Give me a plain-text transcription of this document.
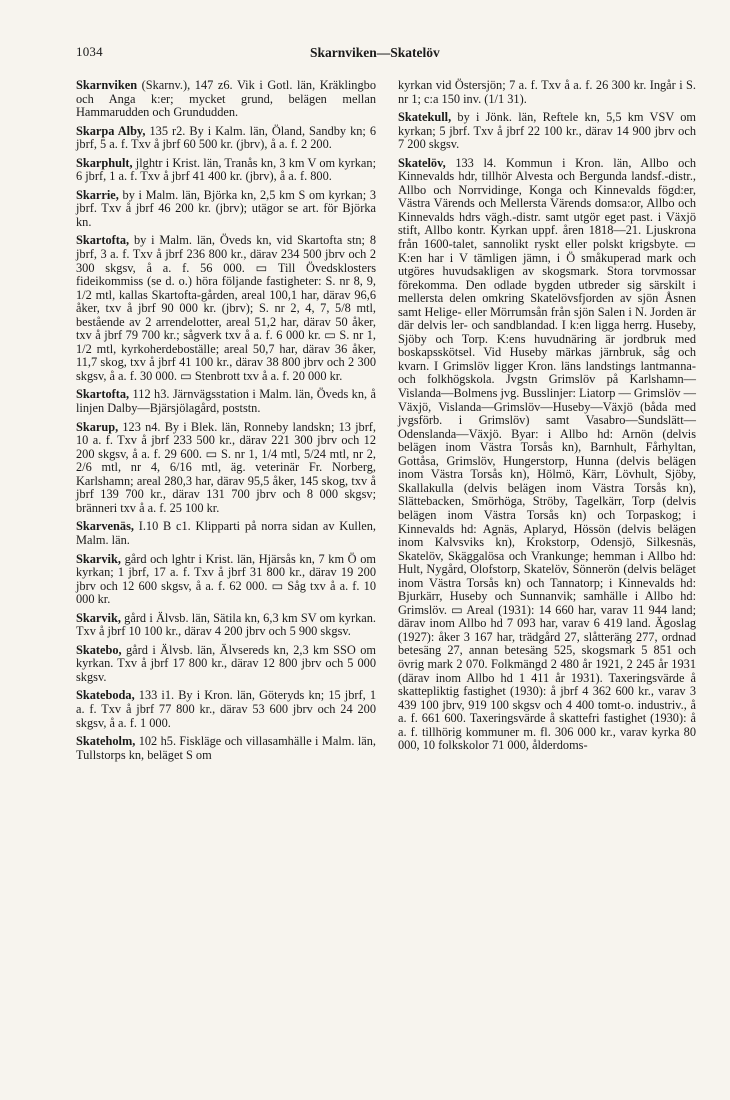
1034	Skarnviken—Skatelöv

Skarnviken (Skarnv.), 147 z6. Vik i Gotl. län, Kräklingbo och Anga k:er; mycket grund, belägen mellan Hammarudden och Grundudden.

Skarpa Alby, 135 r2. By i Kalm. län, Öland, Sandby kn; 6 jbrf, 5 a. f. Txv å jbrf 60 500 kr. (jbrv), å a. f. 2 200.

Skarphult, jlghtr i Krist. län, Tranås kn, 3 km V om kyrkan; 6 jbrf, 1 a. f. Txv å jbrf 41 400 kr. (jbrv), å a. f. 800.

Skarrie, by i Malm. län, Björka kn, 2,5 km S om kyrkan; 3 jbrf. Txv å jbrf 46 200 kr. (jbrv); utägor se art. för Björka kn.

Skartofta, by i Malm. län, Öveds kn, vid Skartofta stn; 8 jbrf, 3 a. f. Txv å jbrf 236 800 kr., därav 234 500 jbrv och 2 300 skgsv, å a. f. 56 000. ▭ Till Övedsklosters fideikommiss (se d. o.) höra följande fastigheter: S. nr 8, 9, 1/2 mtl, kallas Skartofta-gården, areal 100,1 har, därav 96,6 åker, txv å jbrf 90 000 kr. (jbrv); S. nr 2, 4, 7, 5/8 mtl, bestående av 2 arrendelotter, areal 51,2 har, därav 50 åker, txv å jbrf 79 700 kr.; sågverk txv å a. f. 6 000 kr. ▭ S. nr 1, 1/2 mtl, kyrkoherdeboställe; areal 50,7 har, därav 36 åker, 11,7 skog, txv å jbrf 41 100 kr., därav 38 800 jbrv och 2 300 skgsv, å a. f. 30 000. ▭ Stenbrott txv å a. f. 20 000 kr.

Skartofta, 112 h3. Järnvägsstation i Malm. län, Öveds kn, å linjen Dalby—Bjärsjölagård, poststn.

Skarup, 123 n4. By i Blek. län, Ronneby landskn; 13 jbrf, 10 a. f. Txv å jbrf 233 500 kr., därav 221 300 jbrv och 12 200 skgsv, å a. f. 29 600. ▭ S. nr 1, 1/4 mtl, 5/24 mtl, nr 2, 2/6 mtl, nr 4, 6/16 mtl, äg. veterinär Fr. Norberg, Karlshamn; areal 280,3 har, därav 95,5 åker, 145 skog, txv å jbrf 139 700 kr., därav 131 700 jbrv och 8 000 skgsv; bränneri txv å a. f. 25 100 kr.

Skarvenäs, I.10 B c1. Klipparti på norra sidan av Kullen, Malm. län.

Skarvik, gård och lghtr i Krist. län, Hjärsås kn, 7 km Ö om kyrkan; 1 jbrf, 17 a. f. Txv å jbrf 31 800 kr., därav 19 200 jbrv och 12 600 skgsv, å a. f. 62 000. ▭ Såg txv å a. f. 10 000 kr.

Skarvik, gård i Älvsb. län, Sätila kn, 6,3 km SV om kyrkan. Txv å jbrf 10 100 kr., därav 4 200 jbrv och 5 900 skgsv.

Skatebo, gård i Älvsb. län, Älvsereds kn, 2,3 km SSO om kyrkan. Txv å jbrf 17 800 kr., därav 12 800 jbrv och 5 000 skgsv.

Skateboda, 133 i1. By i Kron. län, Göteryds kn; 15 jbrf, 1 a. f. Txv å jbrf 77 800 kr., därav 53 600 jbrv och 24 200 skgsv, å a. f. 1 000.

Skateholm, 102 h5. Fiskläge och villasamhälle i Malm. län, Tullstorps kn, beläget S om

kyrkan vid Östersjön; 7 a. f. Txv å a. f. 26 300 kr. Ingår i S. nr 1; c:a 150 inv. (1/1 31).

Skatekull, by i Jönk. län, Reftele kn, 5,5 km VSV om kyrkan; 5 jbrf. Txv å jbrf 22 100 kr., därav 14 900 jbrv och 7 200 skgsv.

Skatelöv, 133 l4. Kommun i Kron. län, Allbo och Kinnevalds hdr, tillhör Alvesta och Bergunda landsf.-distr., Allbo och Norrvidinge, Konga och Kinnevalds fögd:er, Västra Värends och Mellersta Värends domsa:or, Allbo och Kinnevalds hdrs vägh.-distr. samt utgör eget past. i Växjö stift, Allbo kontr. Kyrkan uppf. åren 1818—21. Ljuskrona från 1600-talet, sannolikt ryskt eller polskt krigsbyte. ▭ K:en har i V tämligen jämn, i Ö småkuperad mark och utgöres huvudsakligen av skogsmark. Stora torvmossar förekomma. Den odlade bygden utbreder sig särskilt i mellersta delen omkring Skatelövsfjorden av sjön Åsnen samt Helige- eller Mörrumsån från sjön Salen i N. Jorden är där delvis ler- och sandblandad. I k:en ligga herrg. Huseby, Sjöby och Torp. K:ens huvudnäring är jordbruk med boskapsskötsel. Vid Huseby märkas järnbruk, såg och kvarn. I Grimslöv ligger Kron. läns landstings lantmanna- och folkhögskola. Jvgstn Grimslöv på Karlshamn—Vislanda—Bolmens jvg. Busslinjer: Liatorp — Grimslöv — Växjö, Vislanda—Grimslöv—Huseby—Växjö (båda med jvgsförb. i Grimslöv) samt Vasabro—Sundslätt—Odenslanda—Växjö. Byar: i Allbo hd: Arnön (delvis belägen inom Västra Torsås kn), Barnhult, Fårhyltan, Gottåsa, Grimslöv, Hungerstorp, Hunna (delvis belägen inom Västra Torsås kn), Hölmö, Kärr, Lövhult, Sjöby, Skallakulla (delvis belägen inom Västra Torsås kn), Slättebacken, Smörhöga, Ströby, Tagelkärr, Torp (delvis belägen inom Västra Torsås kn) och Torpaskog; i Kinnevalds hd: Agnäs, Aplaryd, Hössön (delvis belägen inom Kalvsviks kn), Krokstorp, Odensjö, Silkesnäs, Skatelöv, Skäggalösa och Vrankunge; hemman i Allbo hd: Hult, Nygård, Olofstorp, Skatelöv, Sönnerön (delvis beläget inom Västra Torsås kn) och Tannatorp; i Kinnevalds hd: Bjurkärr, Huseby och Sunnanvik; samhälle i Allbo hd: Grimslöv. ▭ Areal (1931): 14 660 har, varav 11 944 land; därav inom Allbo hd 7 093 har, varav 6 419 land. Ägoslag (1927): åker 3 167 har, trädgård 27, slåtteräng 277, ordnad betesäng 27, annan betesäng 525, skogsmark 5 851 och övrig mark 2 070. Folkmängd 2 480 år 1921, 2 245 år 1931 (därav inom Allbo hd 1 411 år 1931). Taxeringsvärde å skattepliktig fastighet (1930): å jbrf 4 362 600 kr., varav 3 439 100 jbrv, 919 100 skgsv och 4 400 tomt-o. industriv., å a. f. 661 600. Taxeringsvärde å skattefri fastighet (1930): å a. f. tillhörig kommuner m. fl. 306 000 kr., varav kyrka 80 000, 10 folkskolor 71 000, ålderdoms-
